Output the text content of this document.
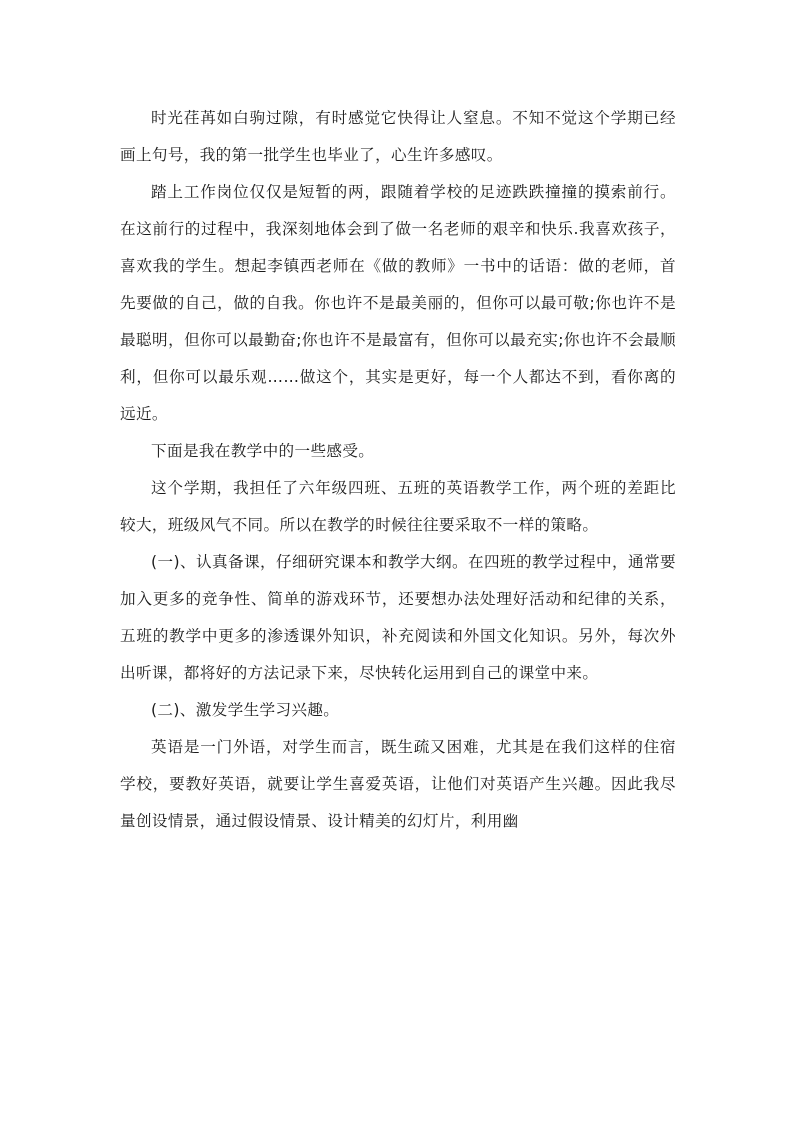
时光荏苒如白驹过隙，有时感觉它快得让人窒息。不知不觉这个学期已经画上句号，我的第一批学生也毕业了，心生许多感叹。

踏上工作岗位仅仅是短暂的两，跟随着学校的足迹跌跌撞撞的摸索前行。在这前行的过程中，我深刻地体会到了做一名老师的艰辛和快乐.我喜欢孩子，喜欢我的学生。想起李镇西老师在《做的教师》一书中的话语：做的老师，首先要做的自己，做的自我。你也许不是最美丽的，但你可以最可敬;你也许不是最聪明，但你可以最勤奋;你也许不是最富有，但你可以最充实;你也许不会最顺利，但你可以最乐观……做这个，其实是更好，每一个人都达不到，看你离的远近。

下面是我在教学中的一些感受。

这个学期，我担任了六年级四班、五班的英语教学工作，两个班的差距比较大，班级风气不同。所以在教学的时候往往要采取不一样的策略。

(一)、认真备课，仔细研究课本和教学大纲。在四班的教学过程中，通常要加入更多的竞争性、简单的游戏环节，还要想办法处理好活动和纪律的关系，五班的教学中更多的渗透课外知识，补充阅读和外国文化知识。另外，每次外出听课，都将好的方法记录下来，尽快转化运用到自己的课堂中来。

(二)、激发学生学习兴趣。

英语是一门外语，对学生而言，既生疏又困难，尤其是在我们这样的住宿学校，要教好英语，就要让学生喜爱英语，让他们对英语产生兴趣。因此我尽量创设情景，通过假设情景、设计精美的幻灯片，利用幽
